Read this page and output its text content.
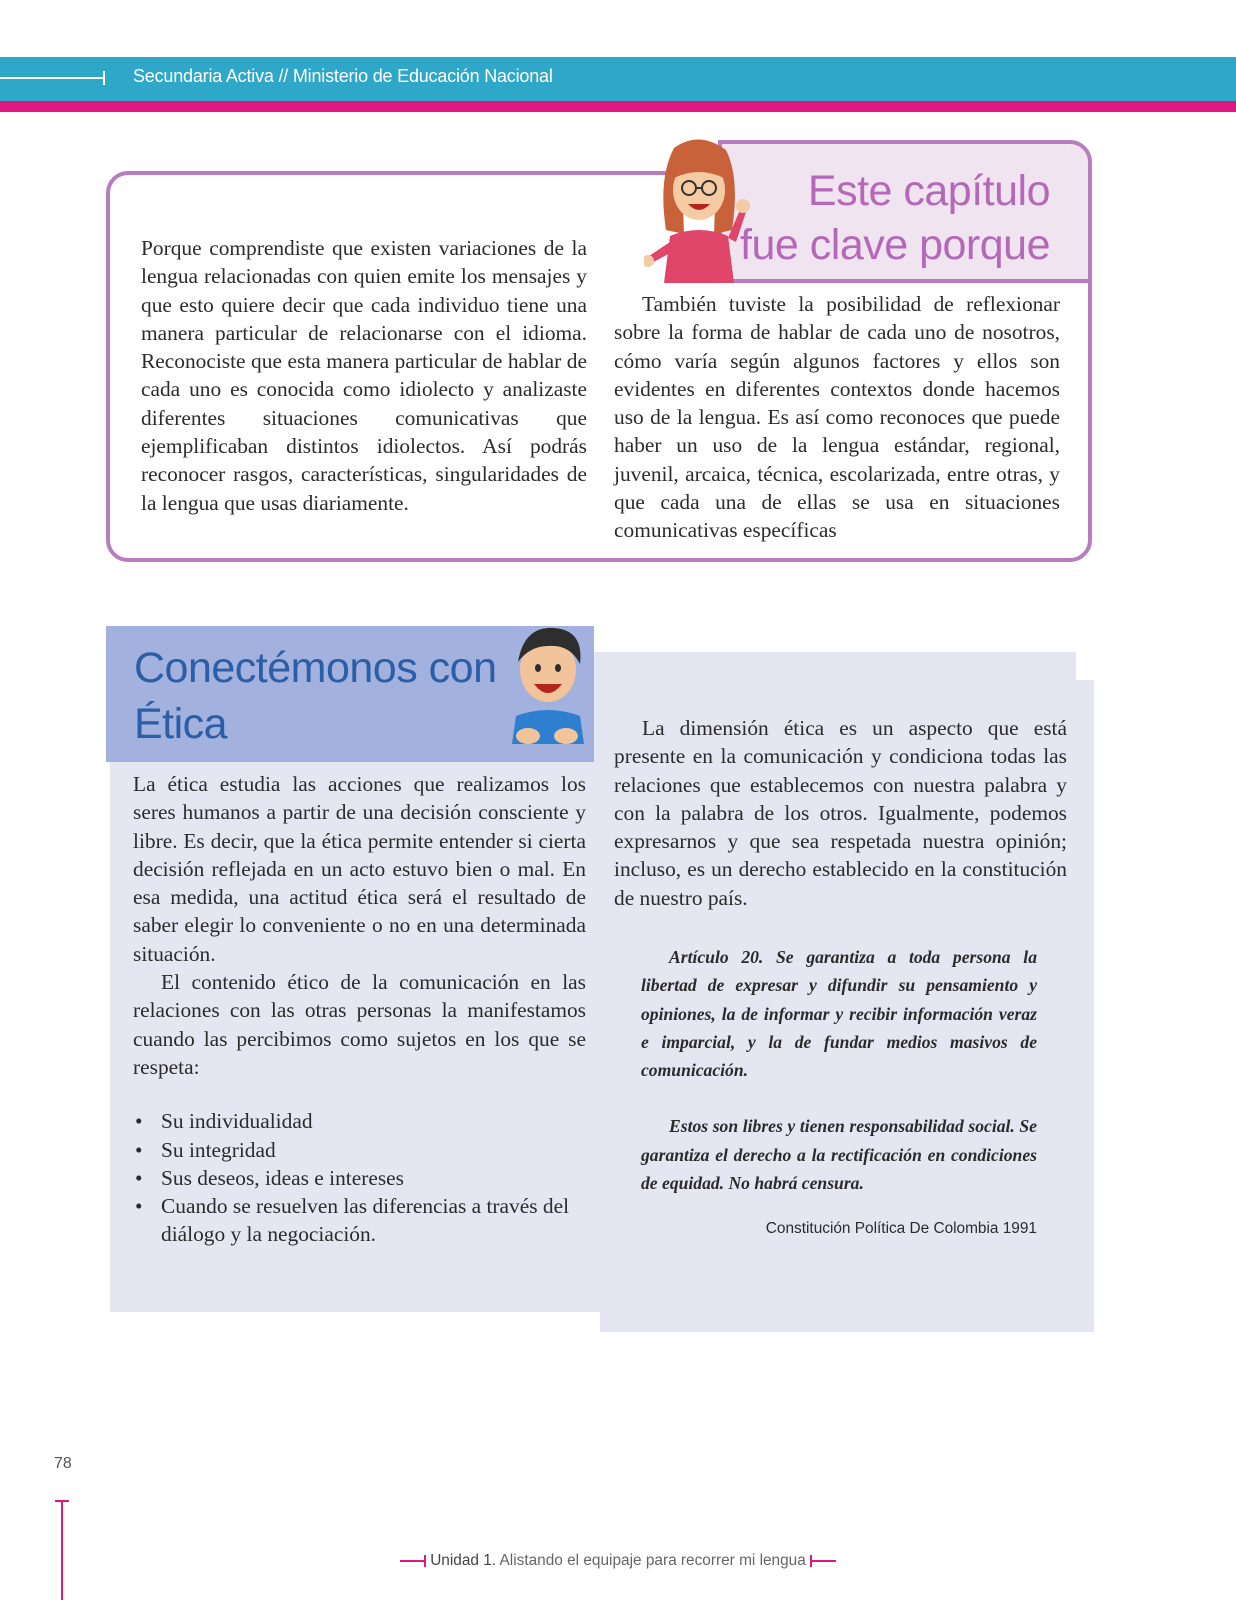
Secundaria Activa // Ministerio de Educación Nacional
Este capítulo
fue clave porque
Porque comprendiste que existen variaciones de la lengua relacionadas con quien emite los mensajes y que esto quiere decir que cada individuo tiene una manera particular de relacionarse con el idioma. Reconociste que esta manera particular de hablar de cada uno es conocida como idiolecto y analizaste diferentes situaciones comunicativas que ejemplificaban distintos idiolectos. Así podrás reconocer rasgos, características, singularidades de la lengua que usas diariamente.
También tuviste la posibilidad de reflexionar sobre la forma de hablar de cada uno de nosotros, cómo varía según algunos factores y ellos son evidentes en diferentes contextos donde hacemos uso de la lengua. Es así como reconoces que puede haber un uso de la lengua estándar, regional, juvenil, arcaica, técnica, escolarizada, entre otras, y que cada una de ellas se usa en situaciones comunicativas específicas
Conectémonos con
Ética

La ética estudia las acciones que realizamos los seres humanos a partir de una decisión consciente y libre. Es decir, que la ética permite entender si cierta decisión reflejada en un acto estuvo bien o mal. En esa medida, una actitud ética será el resultado de saber elegir lo conveniente o no en una determinada situación.

El contenido ético de la comunicación en las relaciones con las otras personas la manifestamos cuando las percibimos como sujetos en los que se respeta:

• Su individualidad
• Su integridad
• Sus deseos, ideas e intereses
• Cuando se resuelven las diferencias a través del diálogo y la negociación.

La dimensión ética es un aspecto que está presente en la comunicación y condiciona todas las relaciones que establecemos con nuestra palabra y con la palabra de los otros. Igualmente, podemos expresarnos y que sea respetada nuestra opinión; incluso, es un derecho establecido en la constitución de nuestro país.

Artículo 20. Se garantiza a toda persona la libertad de expresar y difundir su pensamiento y opiniones, la de informar y recibir información veraz e imparcial, y la de fundar medios masivos de comunicación.

Estos son libres y tienen responsabilidad social. Se garantiza el derecho a la rectificación en condiciones de equidad. No habrá censura.

Constitución Política De Colombia 1991
78
Unidad 1. Alistando el equipaje para recorrer mi lengua
